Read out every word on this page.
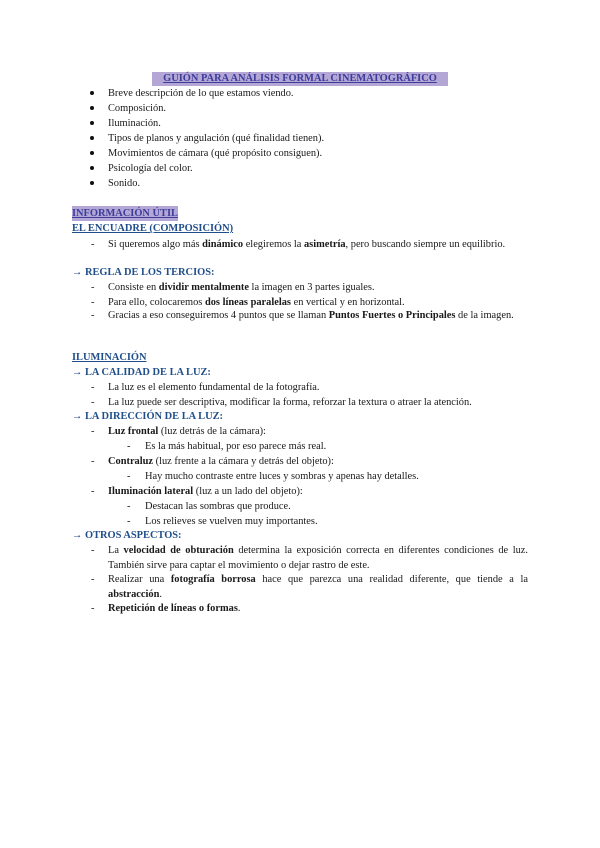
GUIÓN PARA ANÁLISIS FORMAL CINEMATOGRÁFICO
Breve descripción de lo que estamos viendo.
Composición.
Iluminación.
Tipos de planos y angulación (qué finalidad tienen).
Movimientos de cámara (qué propósito consiguen).
Psicología del color.
Sonido.
INFORMACIÓN ÚTIL
EL ENCUADRE (COMPOSICIÓN)
- Si queremos algo más dinámico elegiremos la asimetría, pero buscando siempre un equilibrio.
→ REGLA DE LOS TERCIOS:
- Consiste en dividir mentalmente la imagen en 3 partes iguales.
- Para ello, colocaremos dos líneas paralelas en vertical y en horizontal.
- Gracias a eso conseguiremos 4 puntos que se llaman Puntos Fuertes o Principales de la imagen.
ILUMINACIÓN
→ LA CALIDAD DE LA LUZ:
- La luz es el elemento fundamental de la fotografía.
- La luz puede ser descriptiva, modificar la forma, reforzar la textura o atraer la atención.
→ LA DIRECCIÓN DE LA LUZ:
- Luz frontal (luz detrás de la cámara):
- Es la más habitual, por eso parece más real.
- Contraluz (luz frente a la cámara y detrás del objeto):
- Hay mucho contraste entre luces y sombras y apenas hay detalles.
- Iluminación lateral (luz a un lado del objeto):
- Destacan las sombras que produce.
- Los relieves se vuelven muy importantes.
→ OTROS ASPECTOS:
- La velocidad de obturación determina la exposición correcta en diferentes condiciones de luz. También sirve para captar el movimiento o dejar rastro de este.
- Realizar una fotografía borrosa hace que parezca una realidad diferente, que tiende a la abstracción.
- Repetición de líneas o formas.
